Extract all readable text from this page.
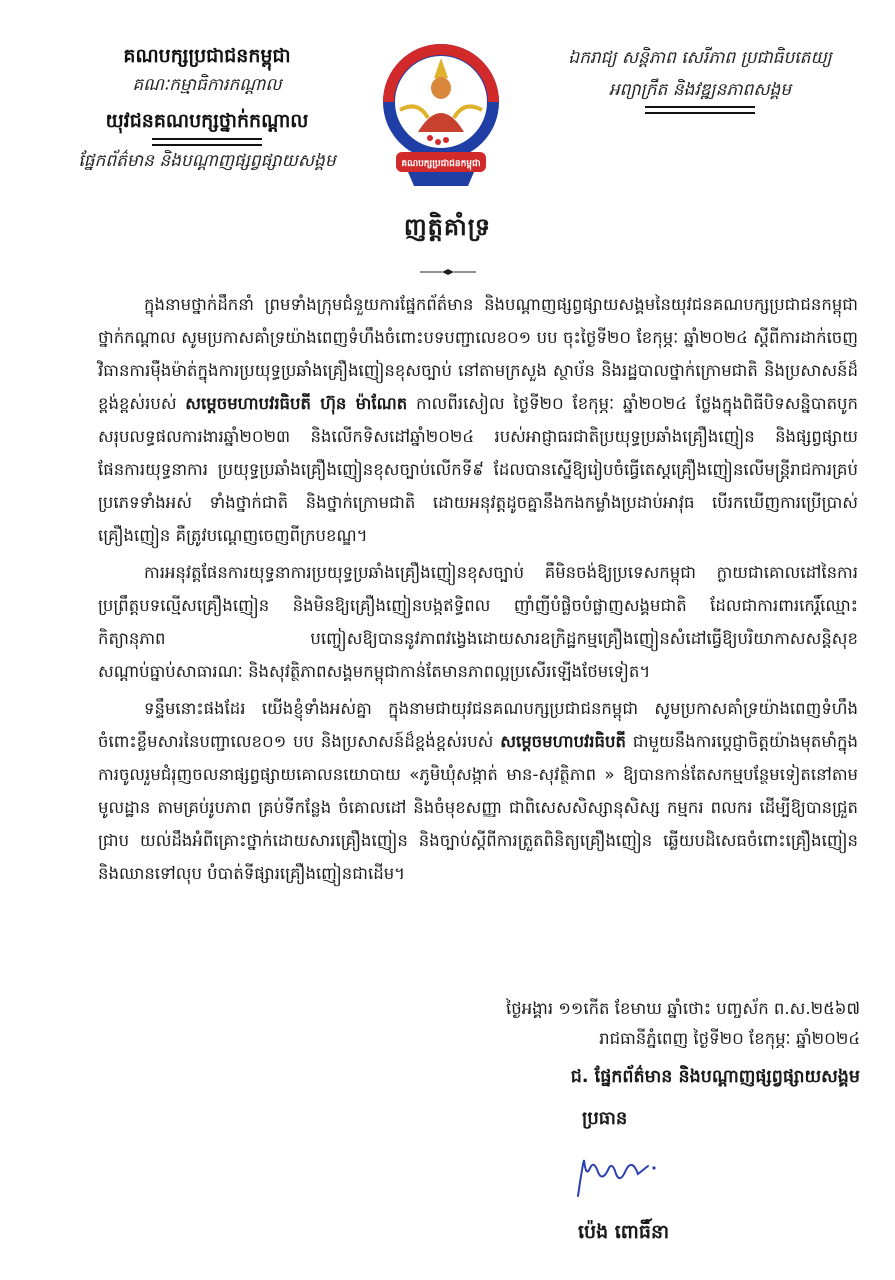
គណបក្សប្រជាជនកម្ពុជា
គណៈកម្មាធិការកណ្តាល
យុវជនគណបក្សថ្នាក់កណ្តាល
ផ្នែកព័ត៌មាន និងបណ្តាញផ្សព្វផ្សាយសង្គម	គណបក្សប្រជាជនកម្ពុជា
ឯករាជ្យ សន្តិភាព សេរីភាព ប្រជាធិបតេយ្យ
អព្យាក្រឹត និងវឌ្ឍនភាពសង្គម
ញត្តិគាំទ្រ

ក្នុងនាមថ្នាក់ដឹកនាំ ព្រមទាំងក្រុមជំនួយការផ្នែកព័ត៌មាន និងបណ្តាញផ្សព្វផ្សាយសង្គមនៃយុវជនគណបក្សប្រជាជនកម្ពុជាថ្នាក់កណ្តាល សូមប្រកាសគាំទ្រយ៉ាងពេញទំហឹងចំពោះបទបញ្ជាលេខ០១ បប ចុះថ្ងៃទី២០ ខែកុម្ភៈ ឆ្នាំ២០២៤ ស្តីពីការដាក់ចេញវិធានការម៉ឺងម៉ាត់ក្នុងការប្រយុទ្ធប្រឆាំងគ្រឿងញៀនខុសច្បាប់ នៅតាមក្រសួង ស្ថាប័ន និងរដ្ឋបាលថ្នាក់ក្រោមជាតិ និងប្រសាសន៍ដ៏ខ្ពង់ខ្ពស់របស់ សម្តេចមហាបវរធិបតី ហ៊ុន ម៉ាណែត កាលពីរសៀល ថ្ងៃទី២០ ខែកុម្ភៈ ឆ្នាំ២០២៤ ថ្លែងក្នុងពិធីបិទសន្និបាតបូកសរុបលទ្ធផលការងារឆ្នាំ២០២៣ និងលើកទិសដៅឆ្នាំ២០២៤ របស់អាជ្ញាធរជាតិប្រយុទ្ធប្រឆាំងគ្រឿងញៀន និងផ្សព្វផ្សាយផែនការយុទ្ធនាការ ប្រយុទ្ធប្រឆាំងគ្រឿងញៀនខុសច្បាប់លើកទី៩ ដែលបានស្នើឱ្យរៀបចំធ្វើតេស្តគ្រឿងញៀនលើមន្ត្រីរាជការគ្រប់ប្រភេទទាំងអស់ ទាំងថ្នាក់ជាតិ និងថ្នាក់ក្រោមជាតិ ដោយអនុវត្តដូចគ្នានឹងកងកម្លាំងប្រដាប់អាវុធ បើរកឃើញការប្រើប្រាស់គ្រឿងញៀន គឺត្រូវបណ្តេញចេញពីក្របខណ្ឌ។

ការអនុវត្តផែនការយុទ្ធនាការប្រយុទ្ធប្រឆាំងគ្រឿងញៀនខុសច្បាប់ គឺមិនចង់ឱ្យប្រទេសកម្ពុជា ក្លាយជាគោលដៅនៃការប្រព្រឹត្តបទល្មើសគ្រឿងញៀន និងមិនឱ្យគ្រឿងញៀនបង្កឥទ្ធិពល ញាំញីបំផ្លិចបំផ្លាញសង្គមជាតិ ដែលជាការពារកេរ្តិ៍ឈ្មោះ កិត្យានុភាព បញ្ចៀសឱ្យបាននូវភាពវង្វេងដោយសារឧក្រិដ្ឋកម្មគ្រឿងញៀនសំដៅធ្វើឱ្យបរិយាកាសសន្តិសុខ សណ្តាប់ធ្នាប់សាធារណៈ និងសុវត្ថិភាពសង្គមកម្ពុជាកាន់តែមានភាពល្អប្រសើរឡើងថែមទៀត។

ទន្ទឹមនោះផងដែរ យើងខ្ញុំទាំងអស់គ្នា ក្នុងនាមជាយុវជនគណបក្សប្រជាជនកម្ពុជា សូមប្រកាសគាំទ្រយ៉ាងពេញទំហឹងចំពោះខ្លឹមសារនៃបញ្ជាលេខ០១ បប និងប្រសាសន៍ដ៏ខ្ពង់ខ្ពស់របស់ សម្តេចមហាបវរធិបតី ជាមួយនឹងការប្តេជ្ញាចិត្តយ៉ាងមុតមាំក្នុងការចូលរួមជំរុញចលនាផ្សព្វផ្សាយគោលនយោបាយ «ភូមិឃុំសង្កាត់ មាន-សុវត្ថិភាព » ឱ្យបានកាន់តែសកម្មបន្ថែមទៀតនៅតាមមូលដ្ឋាន តាមគ្រប់រូបភាព គ្រប់ទីកន្លែង ចំគោលដៅ និងចំមុខសញ្ញា ជាពិសេសសិស្សានុសិស្ស កម្មករ ពលករ ដើម្បីឱ្យបានជ្រួតជ្រាប យល់ដឹងអំពីគ្រោះថ្នាក់ដោយសារគ្រឿងញៀន និងច្បាប់ស្តីពីការត្រួតពិនិត្យគ្រឿងញៀន ឆ្លើយបដិសេធចំពោះគ្រឿងញៀន និងឈានទៅលុប បំបាត់ទីផ្សារគ្រឿងញៀនជាដើម។

ថ្ងៃអង្គារ ១១កើត ខែមាឃ ឆ្នាំថោះ បញ្ចស័ក ព.ស.២៥៦៧
រាជធានីភ្នំពេញ ថ្ងៃទី២០ ខែកុម្ភៈ ឆ្នាំ២០២៤
ជ. ផ្នែកព័ត៌មាន និងបណ្តាញផ្សព្វផ្សាយសង្គម
ប្រធាន
ប៉េង ពោធិ៍នា
